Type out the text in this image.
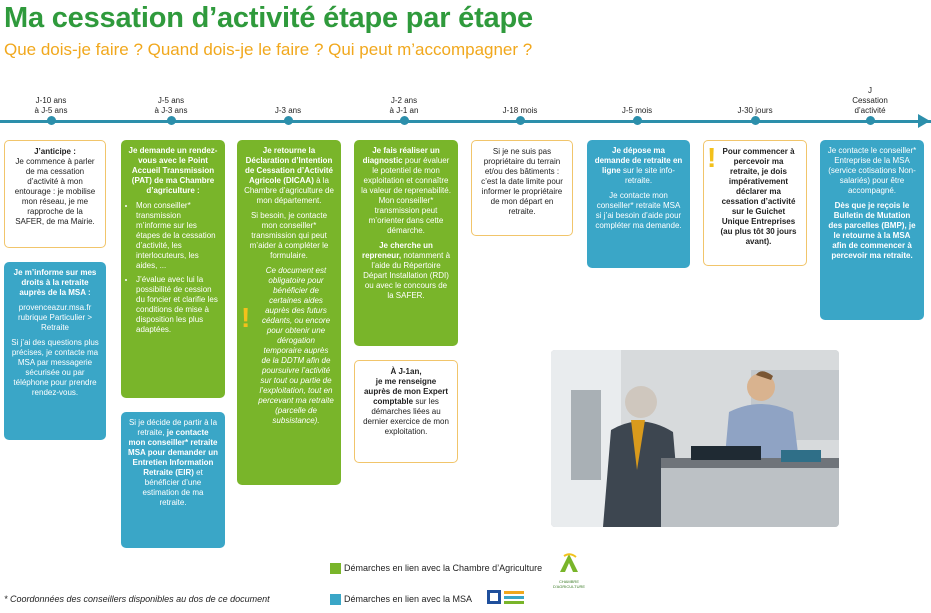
Ma cessation d’activité étape par étape
Que dois-je faire ? Quand dois-je le faire ? Qui peut m’accompagner ?
J-10 ans
à J-5 ans
J-5 ans
à J-3 ans	J-3 ans
J-2 ans
à J-1 an	J-18 mois	J-5 mois	J-30 jours
J
Cessation
d’activité

J’anticipe :
Je commence à parler de ma cessation d’activité à mon entourage : je mobilise mon réseau, je me rapproche de la SAFER, de ma Mairie.

Je m’informe sur mes droits à la retraite auprès de la MSA :

provenceazur.msa.fr rubrique Particulier > Retraite

Si j’ai des questions plus précises, je contacte ma MSA par messagerie sécurisée ou par téléphone pour prendre rendez-vous.

Je demande un rendez-vous avec le Point Accueil Transmission (PAT) de ma Chambre d’agriculture :

• Mon conseiller* transmission m’informe sur les étapes de la cessation d’activité, les interlocuteurs, les aides, ...
• J’évalue avec lui la possibilité de cession du foncier et clarifie les conditions de mise à disposition les plus adaptées.

Si je décide de partir à la retraite, je contacte mon conseiller* retraite MSA pour demander un Entretien Information Retraite (EIR) et bénéficier d’une estimation de ma retraite.

Je retourne la Déclaration d’Intention de Cessation d’Activité Agricole (DICAA) à la Chambre d’agriculture de mon département.

Si besoin, je contacte mon conseiller* transmission qui peut m’aider à compléter le formulaire.

Ce document est obligatoire pour bénéficier de certaines aides auprès des futurs cédants, ou encore pour obtenir une dérogation temporaire auprès de la DDTM afin de poursuivre l’activité sur tout ou partie de l’exploitation, tout en percevant ma retraite (parcelle de subsistance).

!

Je fais réaliser un diagnostic pour évaluer le potentiel de mon exploitation et connaître la valeur de reprenabilité. Mon conseiller* transmission peut m’orienter dans cette démarche.

Je cherche un repreneur, notamment à l’aide du Répertoire Départ Installation (RDI) ou avec le concours de la SAFER.

À J-1an,
je me renseigne auprès de mon Expert comptable sur les démarches liées au dernier exercice de mon exploitation.

Si je ne suis pas propriétaire du terrain et/ou des bâtiments : c’est la date limite pour informer le propriétaire de mon départ en retraite.

Je dépose ma demande de retraite en ligne sur le site info-retraite.

Je contacte mon conseiller* retraite MSA si j’ai besoin d’aide pour compléter ma demande.

Pour commencer à percevoir ma retraite, je dois impérativement déclarer ma cessation d’activité sur le Guichet Unique Entreprises (au plus tôt 30 jours avant).

!	Je contacte le conseiller* Entreprise de la MSA (service cotisations Non-salariés) pour être accompagné.

Dès que je reçois le Bulletin de Mutation des parcelles (BMP), je le retourne à la MSA afin de commencer à percevoir ma retraite.

Démarches en lien avec la Chambre d’Agriculture
CHAMBRE
D'AGRICULTURE
Démarches en lien avec la MSA
* Coordonnées des conseillers disponibles au dos de ce document
